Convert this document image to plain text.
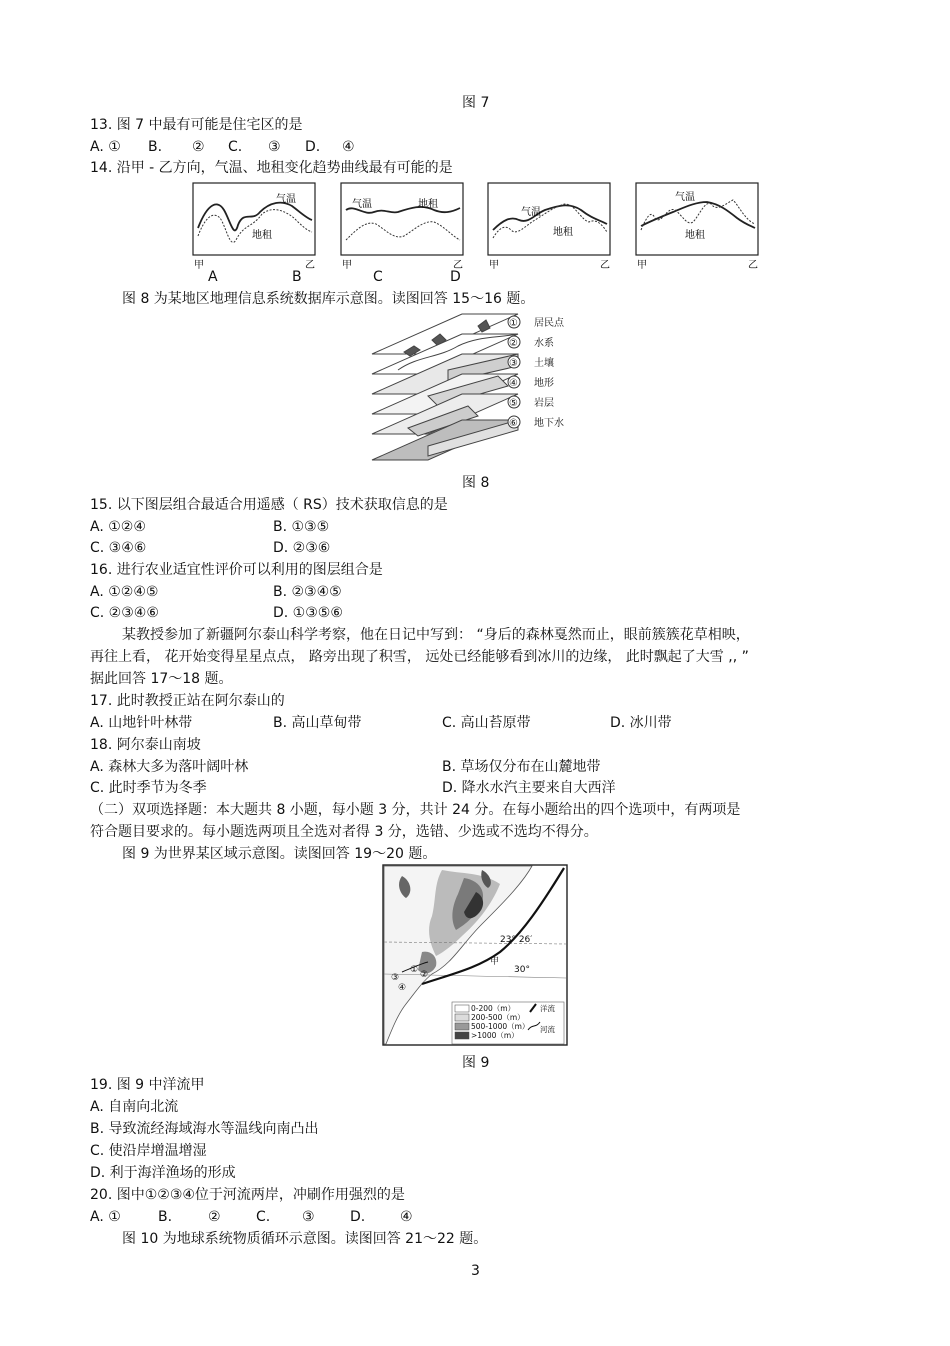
图 7
13. 图 7 中最有可能是住宅区的是
A. ① B. ② C. ③ D. ④
14. 沿甲 - 乙方向，气温、地租变化趋势曲线最有可能的是
气温
地租
甲	乙
气温	地租
甲	乙
气温
地租
甲	乙
气温
地租
甲	乙
A	B	C	D
图 8 为某地区地理信息系统数据库示意图。读图回答 15～16 题。
① 居民点
② 水系
③ 土壤
④ 地形
⑤ 岩层
⑥ 地下水
图 8
15. 以下图层组合最适合用遥感（ RS）技术获取信息的是
A. ①②④	B. ①③⑤
C. ③④⑥	D. ②③⑥
16. 进行农业适宜性评价可以利用的图层组合是
A. ①②④⑤	B. ②③④⑤
C. ②③④⑥	D. ①③⑤⑥
某教授参加了新疆阿尔泰山科学考察，他在日记中写到： “身后的森林戛然而止，眼前簇簇花草相映，
再往上看， 花开始变得星星点点， 路旁出现了积雪， 远处已经能够看到冰川的边缘， 此时飘起了大雪 ,, ”
据此回答 17～18 题。
17. 此时教授正站在阿尔泰山的
A. 山地针叶林带	B. 高山草甸带	C. 高山苔原带	D. 冰川带
18. 阿尔泰山南坡
A. 森林大多为落叶阔叶林	B. 草场仅分布在山麓地带
C. 此时季节为冬季	D. 降水水汽主要来自大西洋
（二）双项选择题：本大题共 8 小题，每小题 3 分，共计 24 分。在每小题给出的四个选项中，有两项是
符合题目要求的。每小题选两项且全选对者得 3 分，选错、少选或不选均不得分。
图 9 为世界某区域示意图。读图回答 19～20 题。
23° 26′
30°
甲
① ②
③
④
0-200（m）
200-500（m）
500-1000（m）
>1000（m）
洋流
河流
图 9
19. 图 9 中洋流甲
A. 自南向北流
B. 导致流经海域海水等温线向南凸出
C. 使沿岸增温增湿
D. 利于海洋渔场的形成
20. 图中①②③④位于河流两岸，冲刷作用强烈的是
A. ①	B.	②	C. ③	D. ④
图 10 为地球系统物质循环示意图。读图回答 21～22 题。
3
